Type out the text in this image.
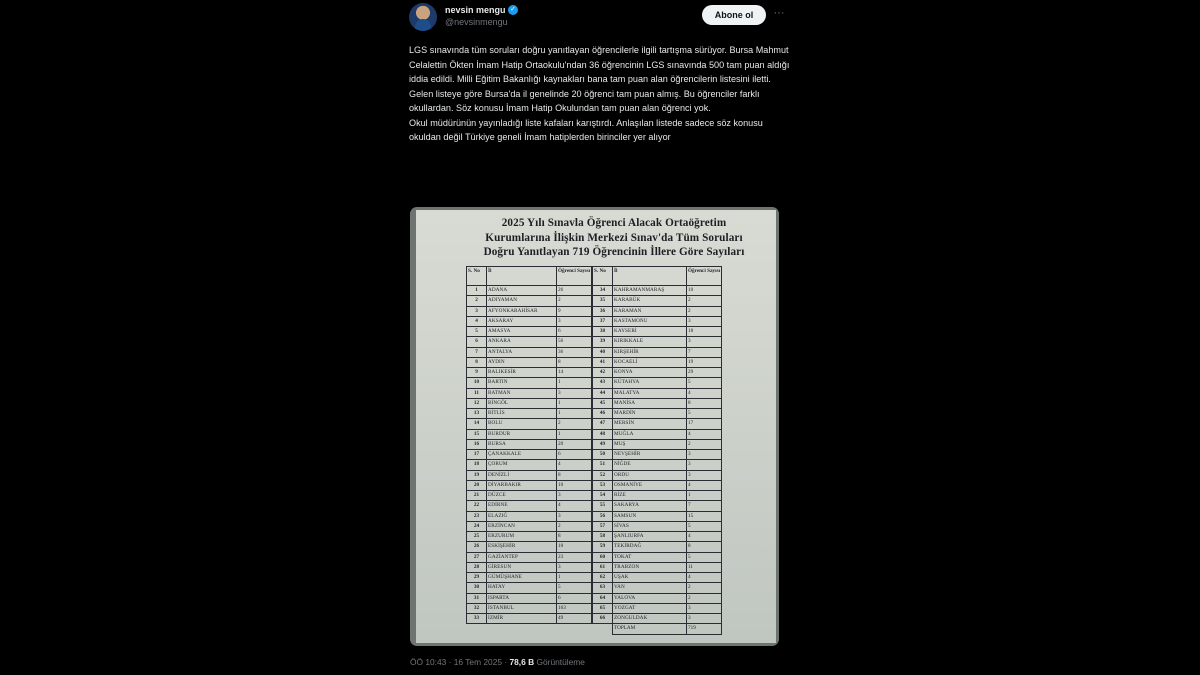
nevsin mengu ✓
@nevsinmengu
Abone ol	···
LGS sınavında tüm soruları doğru yanıtlayan öğrencilerle ilgili tartışma sürüyor. Bursa Mahmut Celalettin Ökten İmam Hatip Ortaokulu'ndan 36 öğrencinin LGS sınavında 500 tam puan aldığı iddia edildi. Milli Eğitim Bakanlığı kaynakları bana tam puan alan öğrencilerin listesini iletti. Gelen listeye göre Bursa'da il genelinde 20 öğrenci tam puan almış. Bu öğrenciler farklı okullardan. Söz konusu İmam Hatip Okulundan tam puan alan öğrenci yok.
Okul müdürünün yayınladığı liste kafaları karıştırdı. Anlaşılan listede sadece söz konusu okuldan değil Türkiye geneli İmam hatiplerden birinciler yer alıyor
2025 Yılı Sınavla Öğrenci Alacak Ortaöğretim
Kurumlarına İlişkin Merkezi Sınav'da Tüm Soruları
Doğru Yanıtlayan 719 Öğrencinin İllere Göre Sayıları
S. No	İl	Öğrenci Sayısı
1	ADANA	26
2	ADIYAMAN	2
3	AFYONKARAHİSAR	9
4	AKSARAY	3
5	AMASYA	6
6	ANKARA	56
7	ANTALYA	36
8	AYDIN	8
9	BALIKESİR	14
10	BARTIN	1
11	BATMAN	3
12	BİNGÖL	1
13	BİTLİS	1
14	BOLU	2
15	BURDUR	1
16	BURSA	20
17	ÇANAKKALE	6
18	ÇORUM	4
19	DENİZLİ	8
20	DİYARBAKIR	10
21	DÜZCE	3
22	EDİRNE	4
23	ELAZIĞ	3
24	ERZİNCAN	2
25	ERZURUM	8
26	ESKİŞEHİR	10
27	GAZİANTEP	23
28	GİRESUN	3
29	GÜMÜŞHANE	1
30	HATAY	5
31	ISPARTA	6
32	İSTANBUL	163
33	İZMİR	49
S. No	İl	Öğrenci Sayısı
34	KAHRAMANMARAŞ	10
35	KARABÜK	2
36	KARAMAN	2
37	KASTAMONU	3
38	KAYSERİ	18
39	KIRIKKALE	3
40	KIRŞEHİR	7
41	KOCAELİ	19
42	KONYA	29
43	KÜTAHYA	5
44	MALATYA	4
45	MANİSA	8
46	MARDİN	5
47	MERSİN	17
48	MUĞLA	4
49	MUŞ	2
50	NEVŞEHİR	3
51	NİĞDE	3
52	ORDU	3
53	OSMANİYE	4
54	RİZE	1
55	SAKARYA	7
56	SAMSUN	15
57	SİVAS	5
58	ŞANLIURFA	4
59	TEKİRDAĞ	8
60	TOKAT	5
61	TRABZON	11
62	UŞAK	4
63	VAN	2
64	YALOVA	2
65	YOZGAT	3
66	ZONGULDAK	3
	TOPLAM	719
ÖÖ 10:43 · 16 Tem 2025 · 78,6 B Görüntüleme
